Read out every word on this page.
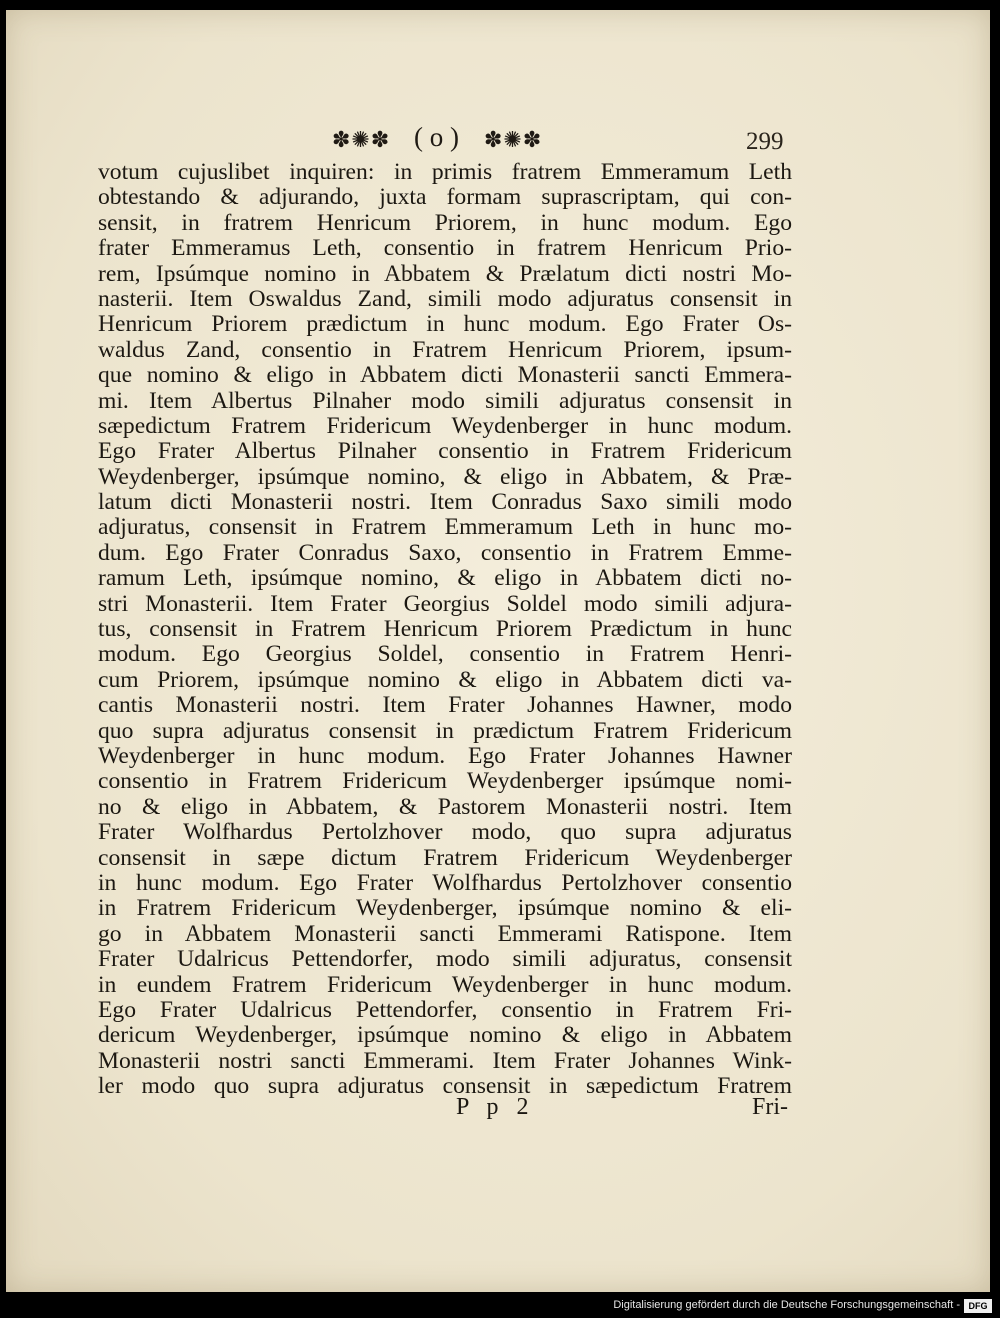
✽✺✽ ( o ) ✽✺✽	299
votum cujuslibet inquiren: in primis fratrem Emmeramum Leth
obtestando & adjurando, juxta formam suprascriptam, qui con-
sensit, in fratrem Henricum Priorem, in hunc modum. Ego
frater Emmeramus Leth, consentio in fratrem Henricum Prio-
rem, Ipsúmque nomino in Abbatem & Prælatum dicti nostri Mo-
nasterii. Item Oswaldus Zand, simili modo adjuratus consensit in
Henricum Priorem prædictum in hunc modum. Ego Frater Os-
waldus Zand, consentio in Fratrem Henricum Priorem, ipsum-
que nomino & eligo in Abbatem dicti Monasterii sancti Emmera-
mi. Item Albertus Pilnaher modo simili adjuratus consensit in
sæpedictum Fratrem Fridericum Weydenberger in hunc modum.
Ego Frater Albertus Pilnaher consentio in Fratrem Fridericum
Weydenberger, ipsúmque nomino, & eligo in Abbatem, & Præ-
latum dicti Monasterii nostri. Item Conradus Saxo simili modo
adjuratus, consensit in Fratrem Emmeramum Leth in hunc mo-
dum. Ego Frater Conradus Saxo, consentio in Fratrem Emme-
ramum Leth, ipsúmque nomino, & eligo in Abbatem dicti no-
stri Monasterii. Item Frater Georgius Soldel modo simili adjura-
tus, consensit in Fratrem Henricum Priorem Prædictum in hunc
modum. Ego Georgius Soldel, consentio in Fratrem Henri-
cum Priorem, ipsúmque nomino & eligo in Abbatem dicti va-
cantis Monasterii nostri. Item Frater Johannes Hawner, modo
quo supra adjuratus consensit in prædictum Fratrem Fridericum
Weydenberger in hunc modum. Ego Frater Johannes Hawner
consentio in Fratrem Fridericum Weydenberger ipsúmque nomi-
no & eligo in Abbatem, & Pastorem Monasterii nostri. Item
Frater Wolfhardus Pertolzhover modo, quo supra adjuratus
consensit in sæpe dictum Fratrem Fridericum Weydenberger
in hunc modum. Ego Frater Wolfhardus Pertolzhover consentio
in Fratrem Fridericum Weydenberger, ipsúmque nomino & eli-
go in Abbatem Monasterii sancti Emmerami Ratispone. Item
Frater Udalricus Pettendorfer, modo simili adjuratus, consensit
in eundem Fratrem Fridericum Weydenberger in hunc modum.
Ego Frater Udalricus Pettendorfer, consentio in Fratrem Fri-
dericum Weydenberger, ipsúmque nomino & eligo in Abbatem
Monasterii nostri sancti Emmerami. Item Frater Johannes Wink-
ler modo quo supra adjuratus consensit in sæpedictum Fratrem
P p 2	Fri-
Digitalisierung gefördert durch die Deutsche Forschungsgemeinschaft - DFG
